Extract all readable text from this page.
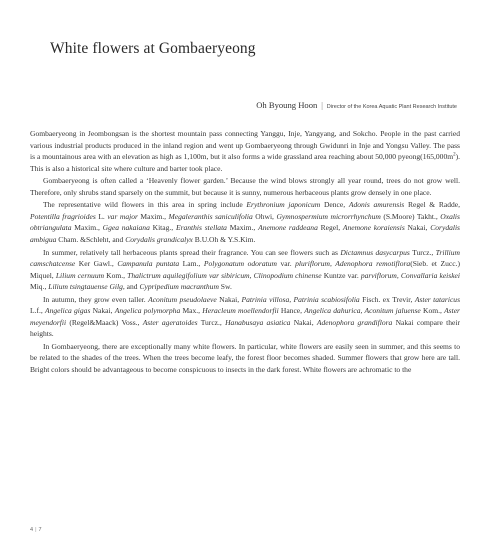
White flowers at Gombaeryeong
Oh Byoung Hoon | Director of the Korea Aquatic Plant Research Institute

Gombaeryeong in Jeombongsan is the shortest mountain pass connecting Yanggu, Inje, Yangyang, and Sokcho. People in the past carried various industrial products produced in the inland region and went up Gombaeryeong through Gwidunri in Inje and Yongsu Valley. The pass is a mountainous area with an elevation as high as 1,100m, but it also forms a wide grassland area reaching about 50,000 $pyeong(165,000m^2)$. This is also a historical site where culture and barter took place.

Gombaeryeong is often called a ‘Heavenly flower garden.’ Because the wind blows strongly all year round, trees do not grow well. Therefore, only shrubs stand sparsely on the summit, but because it is sunny, numerous herbaceous plants grow densely in one place.

The representative wild flowers in this area in spring include Erythronium japonicum Dence, Adonis amurensis Regel & Radde, Potentilla fragrioides L. var major Maxim., Megaleranthis saniculifolia Ohwi, Gymnospermium microrrhynchum (S.Moore) Takht., Oxalis obtriangulata Maxim., Ggea nakaiana Kitag., Eranthis stellata Maxim., Anemone raddeana Regel, Anemone koraiensis Nakai, Corydalis ambigua Cham. &Schleht, and Corydalis grandicalyx B.U.Oh & Y.S.Kim.

In summer, relatively tall herbaceous plants spread their fragrance. You can see flowers such as Dictamnus dasycarpus Turcz., Trillium camschatcense Ker Gawl., Campanula puntata Lam., Polygonatum odoratum var. pluriflorum, Adenophora remotiflora(Sieb. et Zucc.) Miquel, Lilium cernuum Kom., Thalictrum aquilegifolium var sibiricum, Clinopodium chinense Kuntze var. parviflorum, Convallaria keiskei Miq., Lilium tsingtauense Gilg, and Cypripedium macranthum Sw.

In autumn, they grow even taller. Aconitum pseudolaeve Nakai, Patrinia villosa, Patrinia scabiosifolia Fisch. ex Trevir, Aster tataricus L.f., Angelica gigas Nakai, Angelica polymorpha Max., Heracleum moellendorfii Hance, Angelica dahurica, Aconitum jaluense Kom., Aster meyendorfii (Regel&Maack) Voss., Aster ageratoides Turcz., Hanabusaya asiatica Nakai, Adenophora grandiflora Nakai compare their heights.

In Gombaeryeong, there are exceptionally many white flowers. In particular, white flowers are easily seen in summer, and this seems to be related to the shades of the trees. When the trees become leafy, the forest floor becomes shaded. Summer flowers that grow here are tall. Bright colors should be advantageous to become conspicuous to insects in the dark forest. White flowers are achromatic to the

4 | 7
